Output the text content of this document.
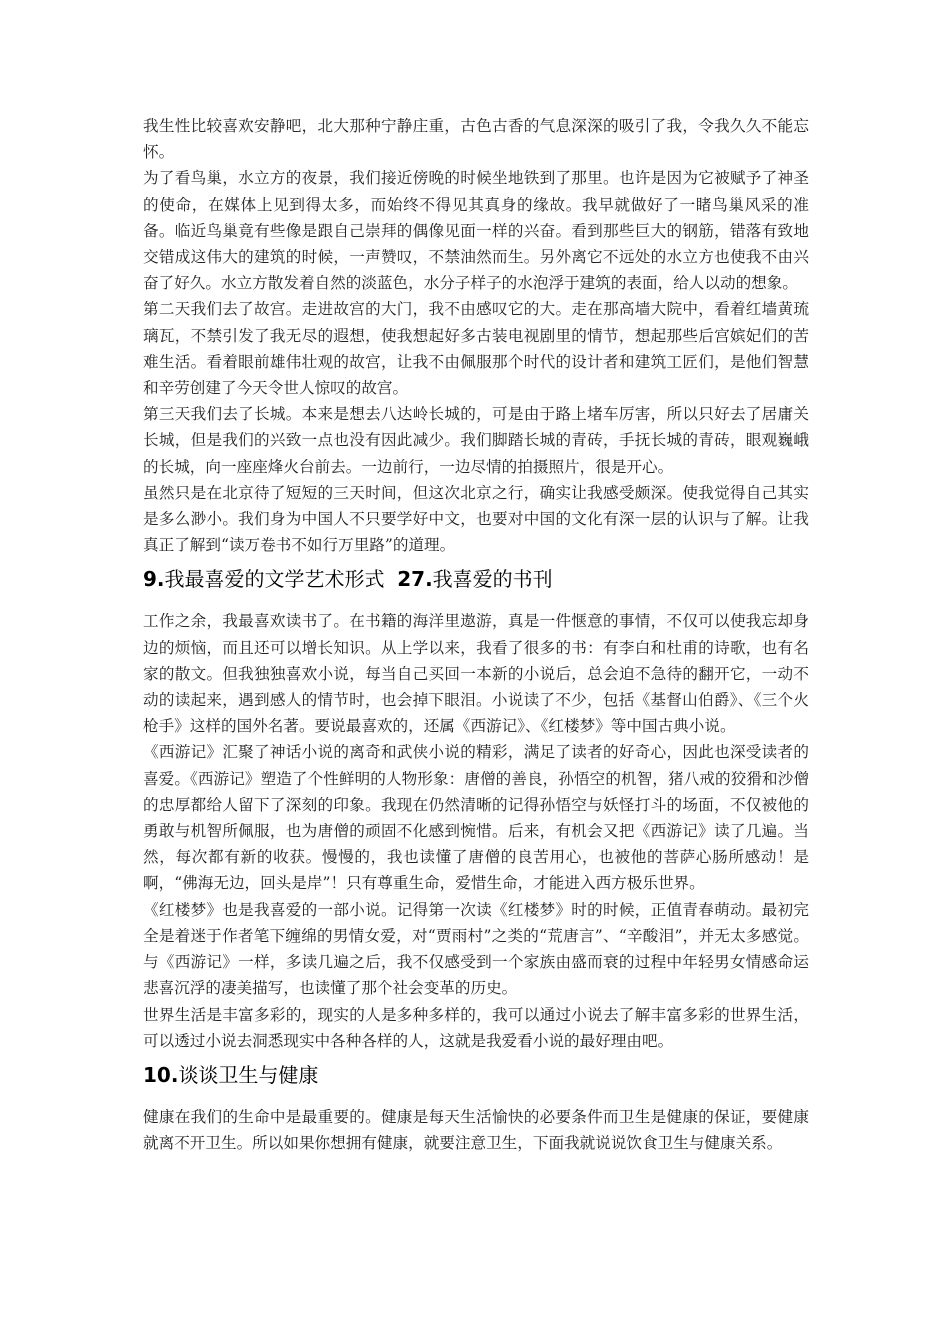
我生性比较喜欢安静吧，北大那种宁静庄重，古色古香的气息深深的吸引了我，令我久久不能忘怀。

为了看鸟巢，水立方的夜景，我们接近傍晚的时候坐地铁到了那里。也许是因为它被赋予了神圣的使命，在媒体上见到得太多，而始终不得见其真身的缘故。我早就做好了一睹鸟巢风采的准备。临近鸟巢竟有些像是跟自己崇拜的偶像见面一样的兴奋。看到那些巨大的钢筋，错落有致地交错成这伟大的建筑的时候，一声赞叹，不禁油然而生。另外离它不远处的水立方也使我不由兴奋了好久。水立方散发着自然的淡蓝色，水分子样子的水泡浮于建筑的表面，给人以动的想象。

第二天我们去了故宫。走进故宫的大门，我不由感叹它的大。走在那高墙大院中，看着红墙黄琉璃瓦，不禁引发了我无尽的遐想，使我想起好多古装电视剧里的情节，想起那些后宫嫔妃们的苦难生活。看着眼前雄伟壮观的故宫，让我不由佩服那个时代的设计者和建筑工匠们，是他们智慧和辛劳创建了今天令世人惊叹的故宫。

第三天我们去了长城。本来是想去八达岭长城的，可是由于路上堵车厉害，所以只好去了居庸关长城，但是我们的兴致一点也没有因此减少。我们脚踏长城的青砖，手抚长城的青砖，眼观巍峨的长城，向一座座烽火台前去。一边前行，一边尽情的拍摄照片，很是开心。

虽然只是在北京待了短短的三天时间，但这次北京之行，确实让我感受颇深。使我觉得自己其实是多么渺小。我们身为中国人不只要学好中文，也要对中国的文化有深一层的认识与了解。让我真正了解到“读万卷书不如行万里路”的道理。

9.我最喜爱的文学艺术形式 27.我喜爱的书刊

工作之余，我最喜欢读书了。在书籍的海洋里遨游，真是一件惬意的事情，不仅可以使我忘却身边的烦恼，而且还可以增长知识。从上学以来，我看了很多的书：有李白和杜甫的诗歌，也有名家的散文。但我独独喜欢小说，每当自己买回一本新的小说后，总会迫不急待的翻开它，一动不动的读起来，遇到感人的情节时，也会掉下眼泪。小说读了不少，包括《基督山伯爵》、《三个火枪手》这样的国外名著。要说最喜欢的，还属《西游记》、《红楼梦》等中国古典小说。

《西游记》汇聚了神话小说的离奇和武侠小说的精彩，满足了读者的好奇心，因此也深受读者的喜爱。《西游记》塑造了个性鲜明的人物形象：唐僧的善良，孙悟空的机智，猪八戒的狡猾和沙僧的忠厚都给人留下了深刻的印象。我现在仍然清晰的记得孙悟空与妖怪打斗的场面，不仅被他的勇敢与机智所佩服，也为唐僧的顽固不化感到惋惜。后来，有机会又把《西游记》读了几遍。当然，每次都有新的收获。慢慢的，我也读懂了唐僧的良苦用心，也被他的菩萨心肠所感动！是啊，“佛海无边，回头是岸”！只有尊重生命，爱惜生命，才能进入西方极乐世界。

《红楼梦》也是我喜爱的一部小说。记得第一次读《红楼梦》时的时候，正值青春萌动。最初完全是着迷于作者笔下缠绵的男情女爱，对“贾雨村”之类的“荒唐言”、“辛酸泪”，并无太多感觉。与《西游记》一样，多读几遍之后，我不仅感受到一个家族由盛而衰的过程中年轻男女情感命运悲喜沉浮的凄美描写，也读懂了那个社会变革的历史。

世界生活是丰富多彩的，现实的人是多种多样的，我可以通过小说去了解丰富多彩的世界生活，可以透过小说去洞悉现实中各种各样的人，这就是我爱看小说的最好理由吧。

10.谈谈卫生与健康

健康在我们的生命中是最重要的。健康是每天生活愉快的必要条件而卫生是健康的保证，要健康就离不开卫生。所以如果你想拥有健康，就要注意卫生，下面我就说说饮食卫生与健康关系。
